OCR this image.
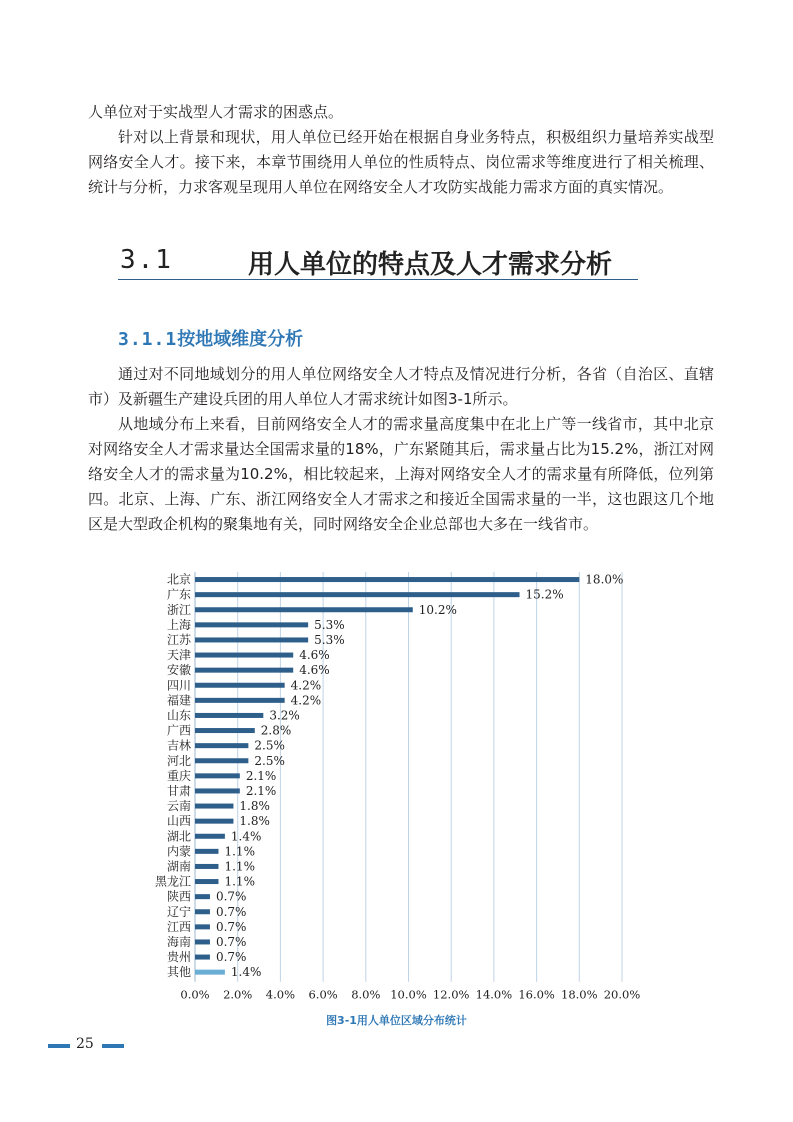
人单位对于实战型人才需求的困惑点。

针对以上背景和现状，用人单位已经开始在根据自身业务特点，积极组织力量培养实战型网络安全人才。接下来，本章节围绕用人单位的性质特点、岗位需求等维度进行了相关梳理、统计与分析，力求客观呈现用人单位在网络安全人才攻防实战能力需求方面的真实情况。

3.1	用人单位的特点及人才需求分析
3.1.1按地域维度分析

通过对不同地域划分的用人单位网络安全人才特点及情况进行分析，各省（自治区、直辖市）及新疆生产建设兵团的用人单位人才需求统计如图3-1所示。

从地域分布上来看，目前网络安全人才的需求量高度集中在北上广等一线省市，其中北京对网络安全人才需求量达全国需求量的18%，广东紧随其后，需求量占比为15.2%，浙江对网络安全人才的需求量为10.2%，相比较起来，上海对网络安全人才的需求量有所降低，位列第四。北京、上海、广东、浙江网络安全人才需求之和接近全国需求量的一半，这也跟这几个地区是大型政企机构的聚集地有关，同时网络安全企业总部也大多在一线省市。

0.0% 2.0% 4.0% 6.0% 8.0% 10.0% 12.0% 14.0% 16.0% 18.0% 20.0%
北京	18.0%
广东	15.2%
浙江	10.2%
上海	5.3%
江苏	5.3%
天津	4.6%
安徽	4.6%
四川	4.2%
福建	4.2%
山东	3.2%
广西	2.8%
吉林	2.5%
河北	2.5%
重庆	2.1%
甘肃	2.1%
云南	1.8%
山西	1.8%
湖北	1.4%
内蒙	1.1%
湖南	1.1%
黑龙江	1.1%
陕西 0.7%
辽宁 0.7%
江西 0.7%
海南 0.7%
贵州 0.7%
其他	1.4%
图3-1用人单位区域分布统计
25
